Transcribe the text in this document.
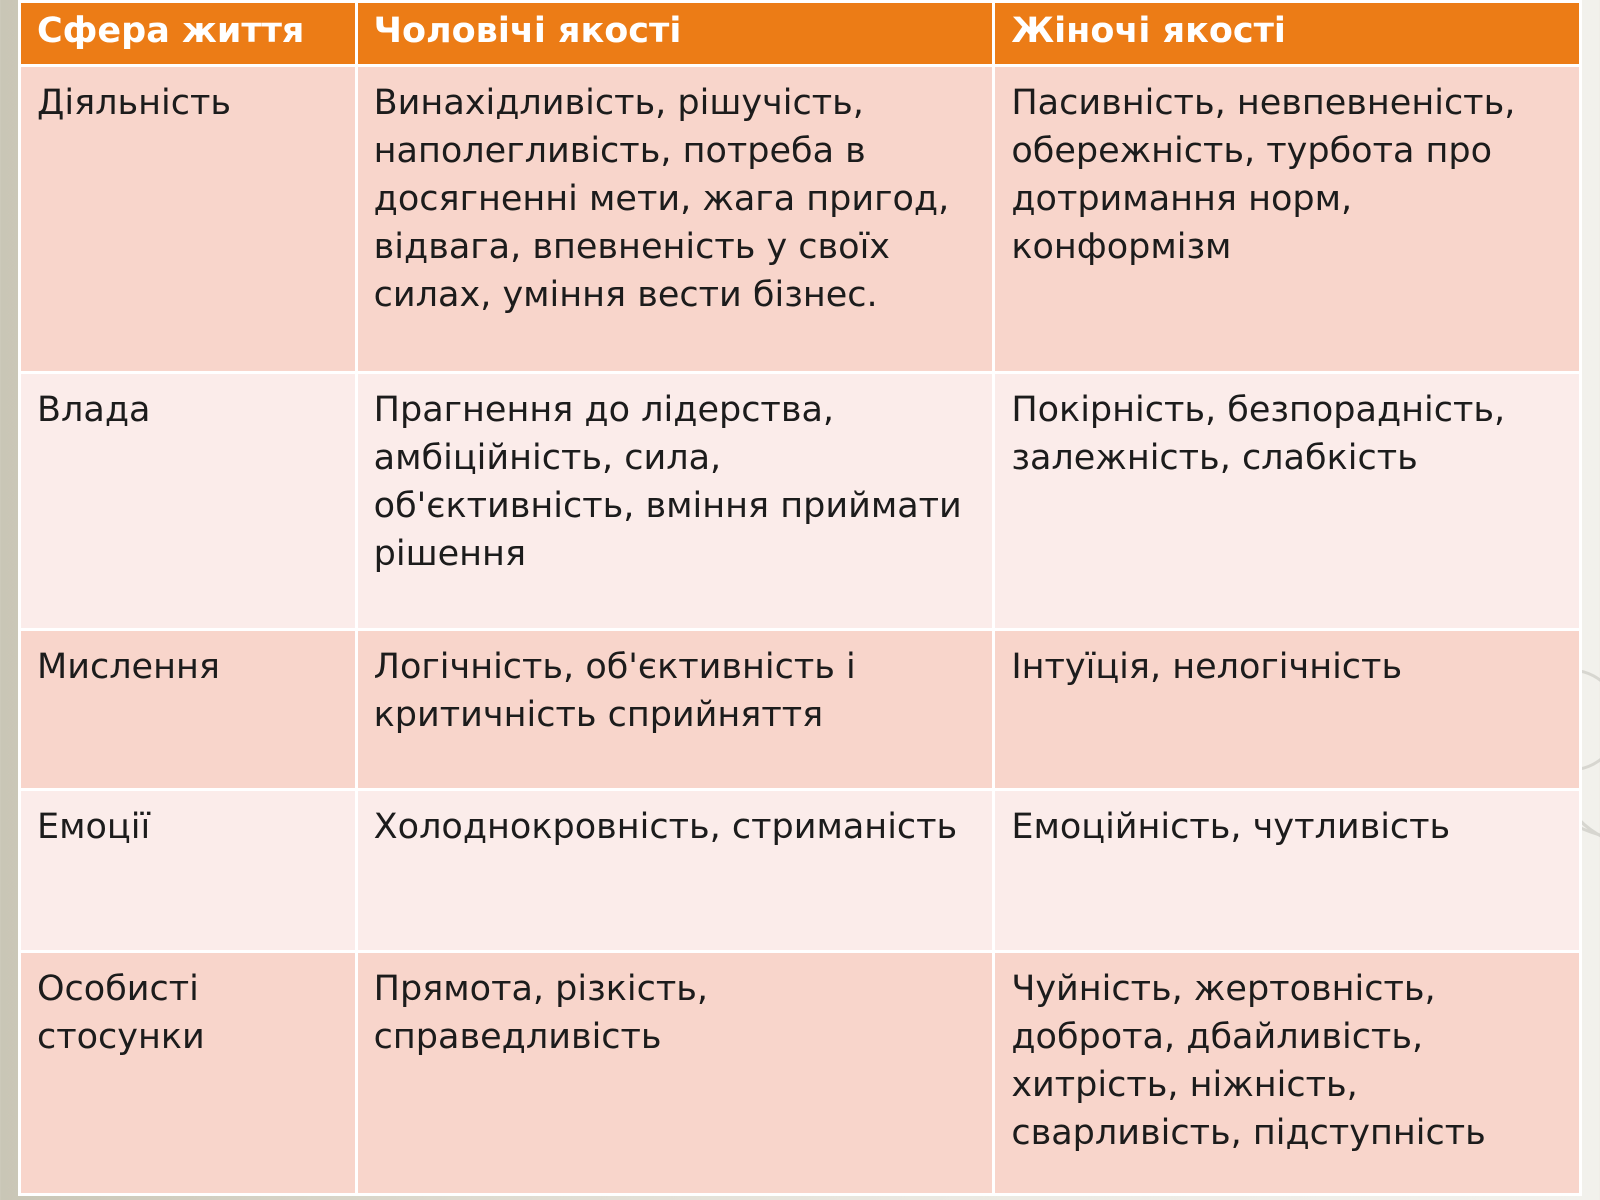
Сфера життя	Чоловічі якості	Жіночі якості
Діяльність	Винахідливість, рішучість, наполегливість, потреба в досягненні мети, жага пригод, відвага, впевненість у своїх силах, уміння вести бізнес.	Пасивність, невпевненість, обережність, турбота про дотримання норм, конформізм
Влада	Прагнення до лідерства, амбіційність, сила, об'єктивність, вміння приймати рішення	Покірність, безпорадність, залежність, слабкість
Мислення	Логічність, об'єктивність і критичність сприйняття	Інтуїція, нелогічність
Емоції	Холоднокровність, стриманість	Емоційність, чутливість
Особисті стосунки	Прямота, різкість, справедливість	Чуйність, жертовність, доброта, дбайливість, хитрість, ніжність, сварливість, підступність
